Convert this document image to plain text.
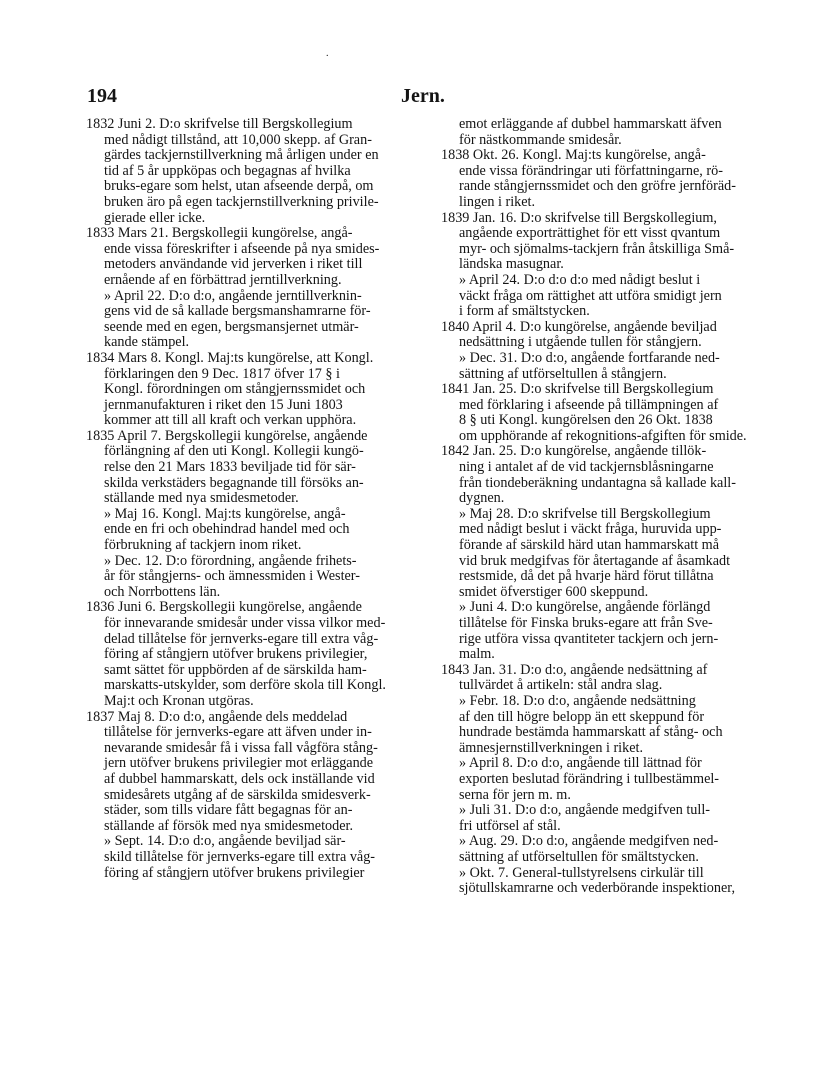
.
194	Jern.
1832 Juni 2. D:o skrifvelse till Bergskollegium
med nådigt tillstånd, att 10,000 skepp. af Gran-
gärdes tackjernstillverkning må årligen under en
tid af 5 år uppköpas och begagnas af hvilka
bruks-egare som helst, utan afseende derpå, om
bruken äro på egen tackjernstillverkning privile-
gierade eller icke.
1833 Mars 21. Bergskollegii kungörelse, angå-
ende vissa föreskrifter i afseende på nya smides-
metoders användande vid jerverken i riket till
ernående af en förbättrad jerntillverkning.
» April 22. D:o d:o, angående jerntillverknin-
gens vid de så kallade bergsmanshamrarne för-
seende med en egen, bergsmansjernet utmär-
kande stämpel.
1834 Mars 8. Kongl. Maj:ts kungörelse, att Kongl.
förklaringen den 9 Dec. 1817 öfver 17 § i
Kongl. förordningen om stångjernssmidet och
jernmanufakturen i riket den 15 Juni 1803
kommer att till all kraft och verkan upphöra.
1835 April 7. Bergskollegii kungörelse, angående
förlängning af den uti Kongl. Kollegii kungö-
relse den 21 Mars 1833 beviljade tid för sär-
skilda verkstäders begagnande till försöks an-
ställande med nya smidesmetoder.
» Maj 16. Kongl. Maj:ts kungörelse, angå-
ende en fri och obehindrad handel med och
förbrukning af tackjern inom riket.
» Dec. 12. D:o förordning, angående frihets-
år för stångjerns- och ämnessmiden i Wester-
och Norrbottens län.
1836 Juni 6. Bergskollegii kungörelse, angående
för innevarande smidesår under vissa vilkor med-
delad tillåtelse för jernverks-egare till extra våg-
föring af stångjern utöfver brukens privilegier,
samt sättet för uppbörden af de särskilda ham-
marskatts-utskylder, som derföre skola till Kongl.
Maj:t och Kronan utgöras.
1837 Maj 8. D:o d:o, angående dels meddelad
tillåtelse för jernverks-egare att äfven under in-
nevarande smidesår få i vissa fall vågföra stång-
jern utöfver brukens privilegier mot erläggande
af dubbel hammarskatt, dels ock inställande vid
smidesårets utgång af de särskilda smidesverk-
städer, som tills vidare fått begagnas för an-
ställande af försök med nya smidesmetoder.
» Sept. 14. D:o d:o, angående beviljad sär-
skild tillåtelse för jernverks-egare till extra våg-
föring af stångjern utöfver brukens privilegier
emot erläggande af dubbel hammarskatt äfven
för nästkommande smidesår.
1838 Okt. 26. Kongl. Maj:ts kungörelse, angå-
ende vissa förändringar uti författningarne, rö-
rande stångjernssmidet och den gröfre jernföräd-
lingen i riket.
1839 Jan. 16. D:o skrifvelse till Bergskollegium,
angående exporträttighet för ett visst qvantum
myr- och sjömalms-tackjern från åtskilliga Små-
ländska masugnar.
» April 24. D:o d:o d:o med nådigt beslut i
väckt fråga om rättighet att utföra smidigt jern
i form af smältstycken.
1840 April 4. D:o kungörelse, angående beviljad
nedsättning i utgående tullen för stångjern.
» Dec. 31. D:o d:o, angående fortfarande ned-
sättning af utförseltullen å stångjern.
1841 Jan. 25. D:o skrifvelse till Bergskollegium
med förklaring i afseende på tillämpningen af
8 § uti Kongl. kungörelsen den 26 Okt. 1838
om upphörande af rekognitions-afgiften för smide.
1842 Jan. 25. D:o kungörelse, angående tillök-
ning i antalet af de vid tackjernsblåsningarne
från tiondeberäkning undantagna så kallade kall-
dygnen.
» Maj 28. D:o skrifvelse till Bergskollegium
med nådigt beslut i väckt fråga, huruvida upp-
förande af särskild härd utan hammarskatt må
vid bruk medgifvas för återtagande af åsamkadt
restsmide, då det på hvarje härd förut tillåtna
smidet öfverstiger 600 skeppund.
» Juni 4. D:o kungörelse, angående förlängd
tillåtelse för Finska bruks-egare att från Sve-
rige utföra vissa qvantiteter tackjern och jern-
malm.
1843 Jan. 31. D:o d:o, angående nedsättning af
tullvärdet å artikeln: stål andra slag.
» Febr. 18. D:o d:o, angående nedsättning
af den till högre belopp än ett skeppund för
hundrade bestämda hammarskatt af stång- och
ämnesjernstillverkningen i riket.
» April 8. D:o d:o, angående till lättnad för
exporten beslutad förändring i tullbestämmel-
serna för jern m. m.
» Juli 31. D:o d:o, angående medgifven tull-
fri utförsel af stål.
» Aug. 29. D:o d:o, angående medgifven ned-
sättning af utförseltullen för smältstycken.
» Okt. 7. General-tullstyrelsens cirkulär till
sjötullskamrarne och vederbörande inspektioner,
